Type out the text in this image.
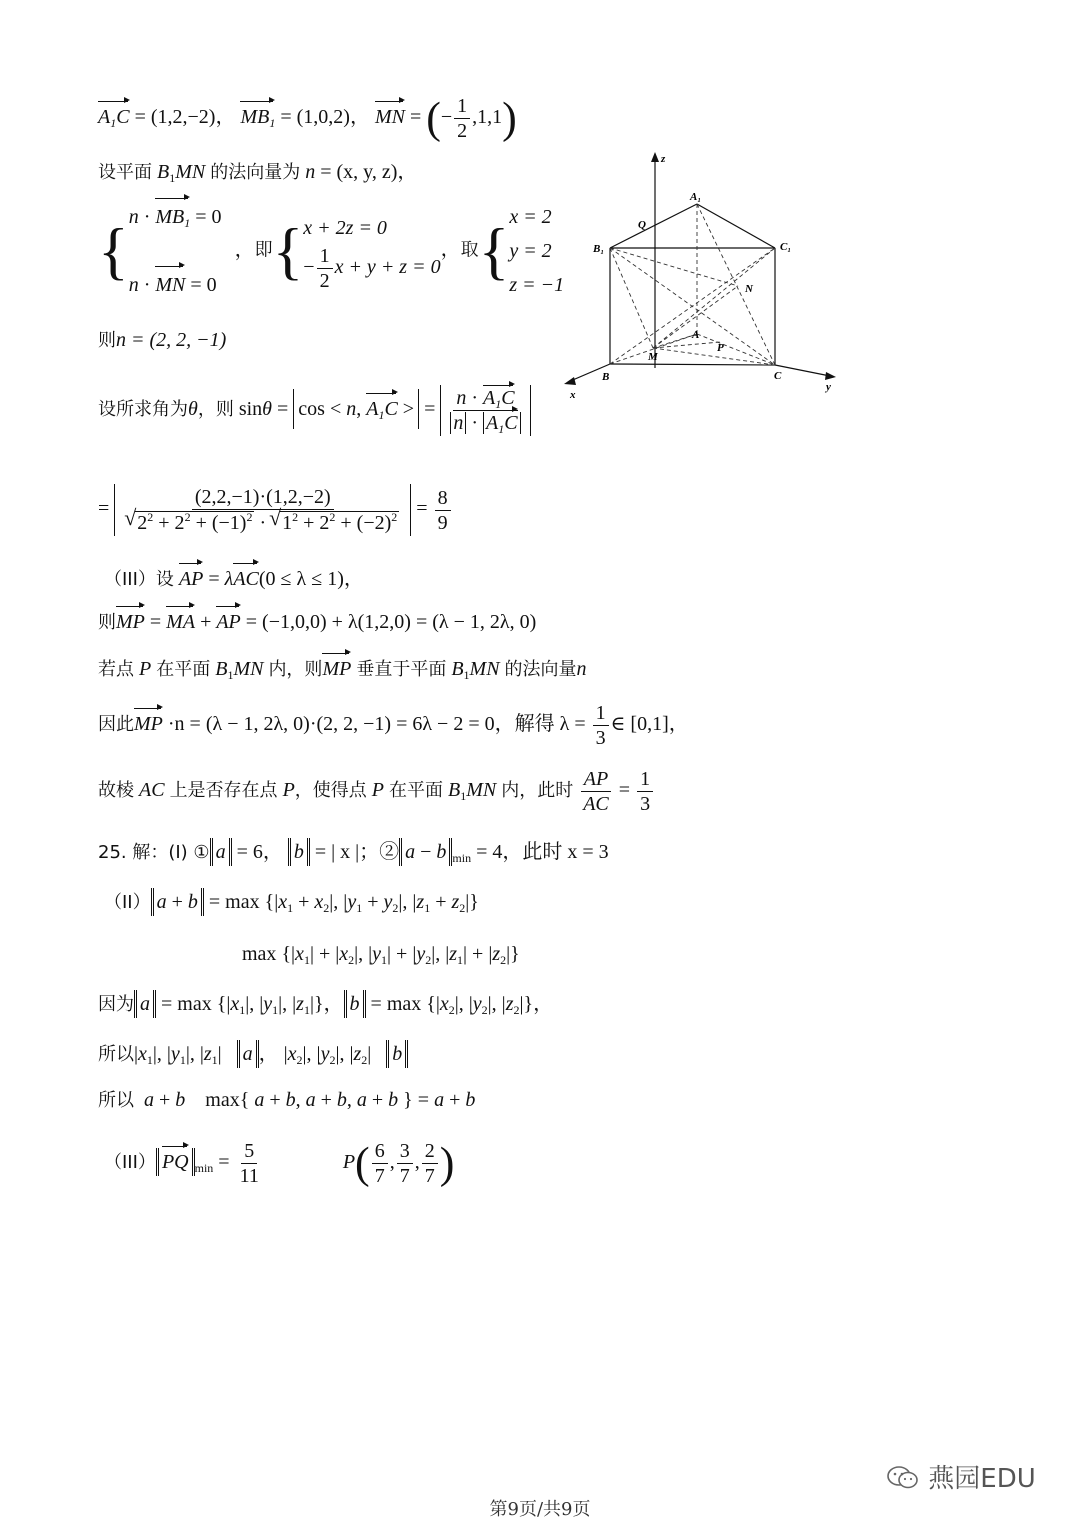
$A_1C = (1,2,-2)$， $MB_1 = (1,0,2)$， MN = (− $\frac{1}{2} ,1,1$)
设平面 $B_1MN$ 的法向量为 n = (x, y, z)，
{ $n \cdot MB_1 = 0$

n · MN = 0
，即{ x + 2z = 0
− $\frac{1}{2}$ x + y + z = 0
，取{ x = 2
y = 2
z = −1
则n = (2, 2, −1)
设所求角为θ，则 sinθ = cos < n, $A_1C$ > = $\frac{n \cdot A_1C}{n \cdot A_1C}$
= (2,2,−1)·(1,2,−2)
√ $2^2 + 2^2 + (-1)^2$ · √ $1^2 + 2^2 + (-2)^2 = \frac{8}{9}$
（III）设 AP = λAC(0 ≤ λ ≤ 1)，
则MP = MA + AP = (−1,0,0) + λ(1,2,0) = (λ − 1, 2λ, 0)
若点 P 在平面 $B_1MN$ 内，则MP 垂直于平面 $B_1MN$ 的法向量n
因此MP ·n = (λ − 1, 2λ, 0)·(2, 2, −1) = 6λ − 2 = 0，解得 $\lambda = \frac{1}{3}$ ∈ [0,1]，
故棱 AC 上是否存在点 P，使得点 P 在平面 $B_1MN$ 内，此时 $\frac{AP}{AC} = \frac{1}{3}$
25. 解：(I) ① a = 6， b = | x |；② a − b $_{min}$ = 4，此时 x = 3
（II） $a + b = \max \{|x_1 + x_2|$, $|y_1 + y_2|$, $|z_1 + z_2|$}
$\max \{|x_1| + |x_2|$, $|y_1| + |y_2|$, $|z_1| + |z_2|$}
因为 $a = \max \{|x_1|$, $|y_1|$, $|z_1|$}， $b = \max \{|x_2|$, $|y_2|$, $|z_2|$}，
所以$|x_1|$, $|y_1|$, $|z_1|$   a ， $|x_2|$, $|y_2|$, $|z_2|$   b
所以 a + b    max{ a + b, a + b, a + b } = a + b
（III） PQ $_{min} = \frac{5}{11}$	$P( \frac{6}{7}$ , $\frac{3}{7}$ , $\frac{2}{7}$ )
z
A₁
Q
B₁	C₁
N
M
A
P
B	C
x
y
燕园EDU
第9页/共9页
